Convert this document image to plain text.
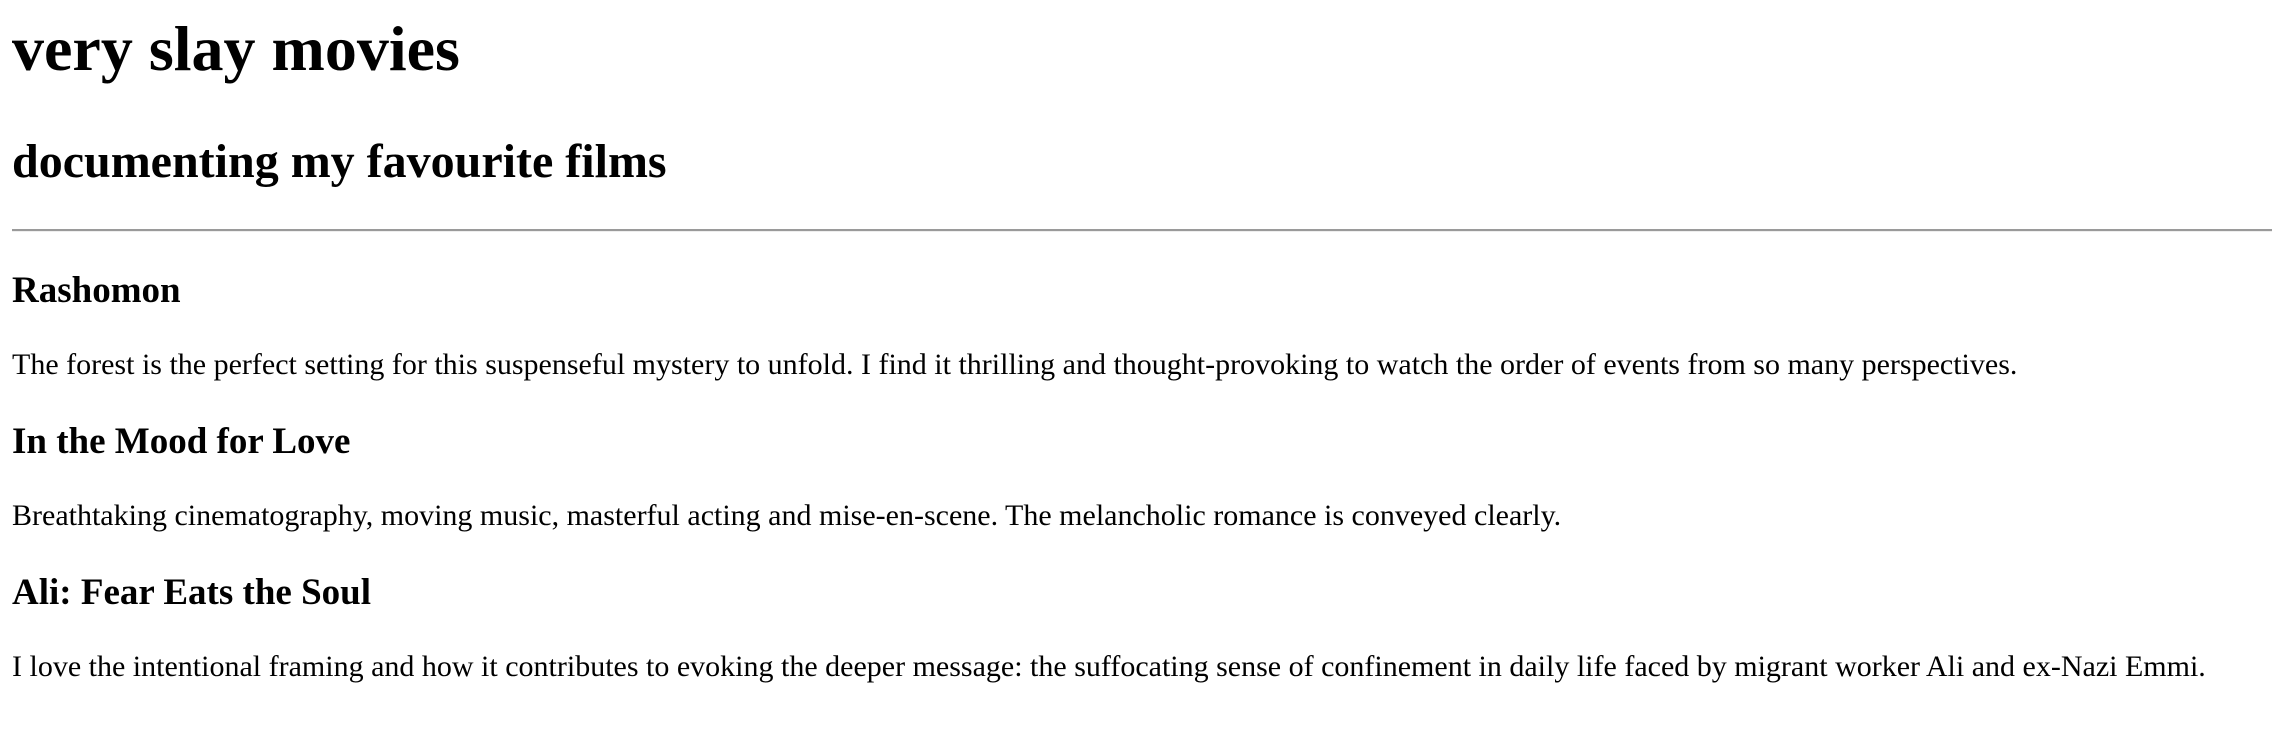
very slay movies
documenting my favourite films
Rashomon

The forest is the perfect setting for this suspenseful mystery to unfold. I find it thrilling and thought-provoking to watch the order of events from so many perspectives.

In the Mood for Love

Breathtaking cinematography, moving music, masterful acting and mise-en-scene. The melancholic romance is conveyed clearly.

Ali: Fear Eats the Soul

I love the intentional framing and how it contributes to evoking the deeper message: the suffocating sense of confinement in daily life faced by migrant worker Ali and ex-Nazi Emmi.
